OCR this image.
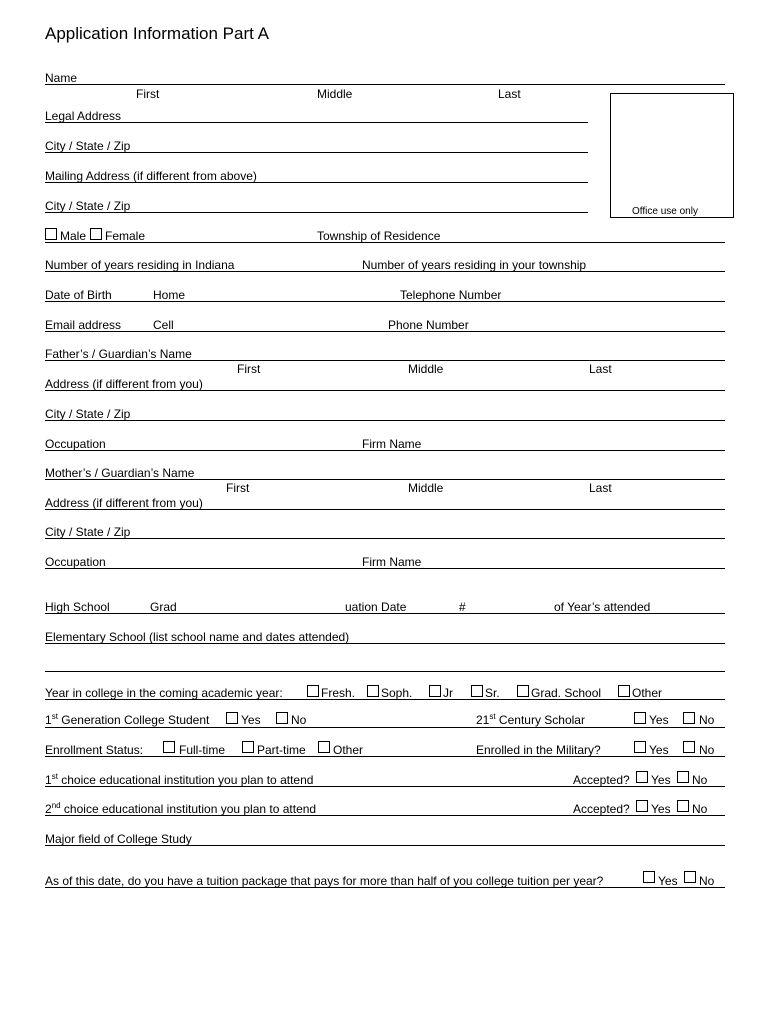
Application Information Part A
Name
First	Middle	Last
Office use only
Legal Address
City / State / Zip
Mailing Address (if different from above)
City / State / Zip
Male Female	Township of Residence
Number of years residing in Indiana	Number of years residing in your township
Date of Birth	Home	Telephone Number
Email address	Cell	Phone Number
Father’s / Guardian’s Name
First	Middle	Last
Address (if different from you)
City / State / Zip
Occupation	Firm Name
Mother’s / Guardian’s Name
First	Middle	Last
Address (if different from you)
City / State / Zip
Occupation	Firm Name
High School	Grad	uation Date	#	of Year’s attended
Elementary School (list school name and dates attended)
Year in college in the coming academic year:	Fresh. Soph.	Jr	Sr.	Grad. School	Other
1st Generation College Student	Yes	No	21st Century Scholar	Yes	No
Enrollment Status:	Full-time	Part-time Other	Enrolled in the Military?	Yes	No
1st choice educational institution you plan to attend	Accepted? Yes No
2nd choice educational institution you plan to attend	Accepted? Yes No
Major field of College Study
As of this date, do you have a tuition package that pays for more than half of you college tuition per year?	Yes No
